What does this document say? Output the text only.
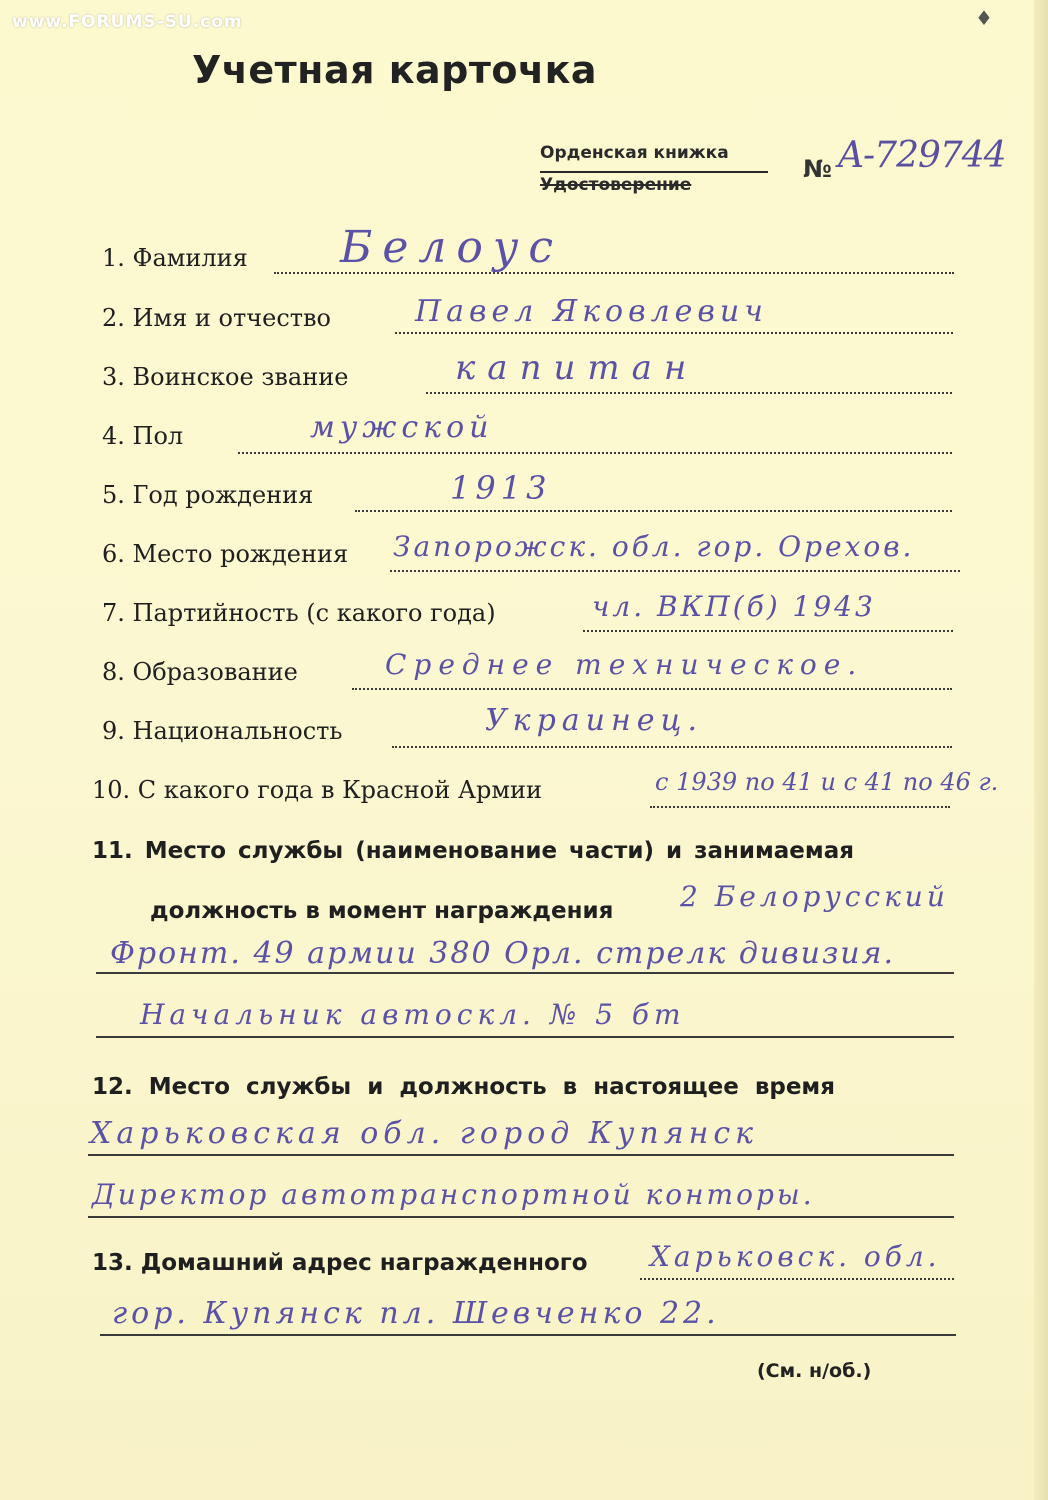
♦
www.FORUMS-SU.com
Учетная карточка
Орденская книжка
Удостоверение
№ A-729744
1. Фамилия Белоус
2. Имя и отчество	Павел Яковлевич
3. Воинское звание	капитан
4. Пол	мужской
5. Год рождения	1913
6. Место рождения Запорожск. обл. гор. Орехов.
7. Партийность (с какого года)	чл. ВКП(б) 1943
8. Образование	Среднее техническое.
9. Национальность	Украинец.
10. С какого года в Красной Армии	с 1939 по 41 и с 41 по 46 г.
11. Место службы (наименование части) и занимаемая
должность в момент награждения 2 Белорусский
Фронт. 49 армии 380 Орл. стрелк дивизия.
Начальник автоскл. № 5 бт
12. Место службы и должность в настоящее время
Харьковская обл. город Купянск
Директор автотранспортной конторы.
13. Домашний адрес награжденного Харьковск. обл.
гор. Купянск пл. Шевченко 22.
(См. н/об.)
